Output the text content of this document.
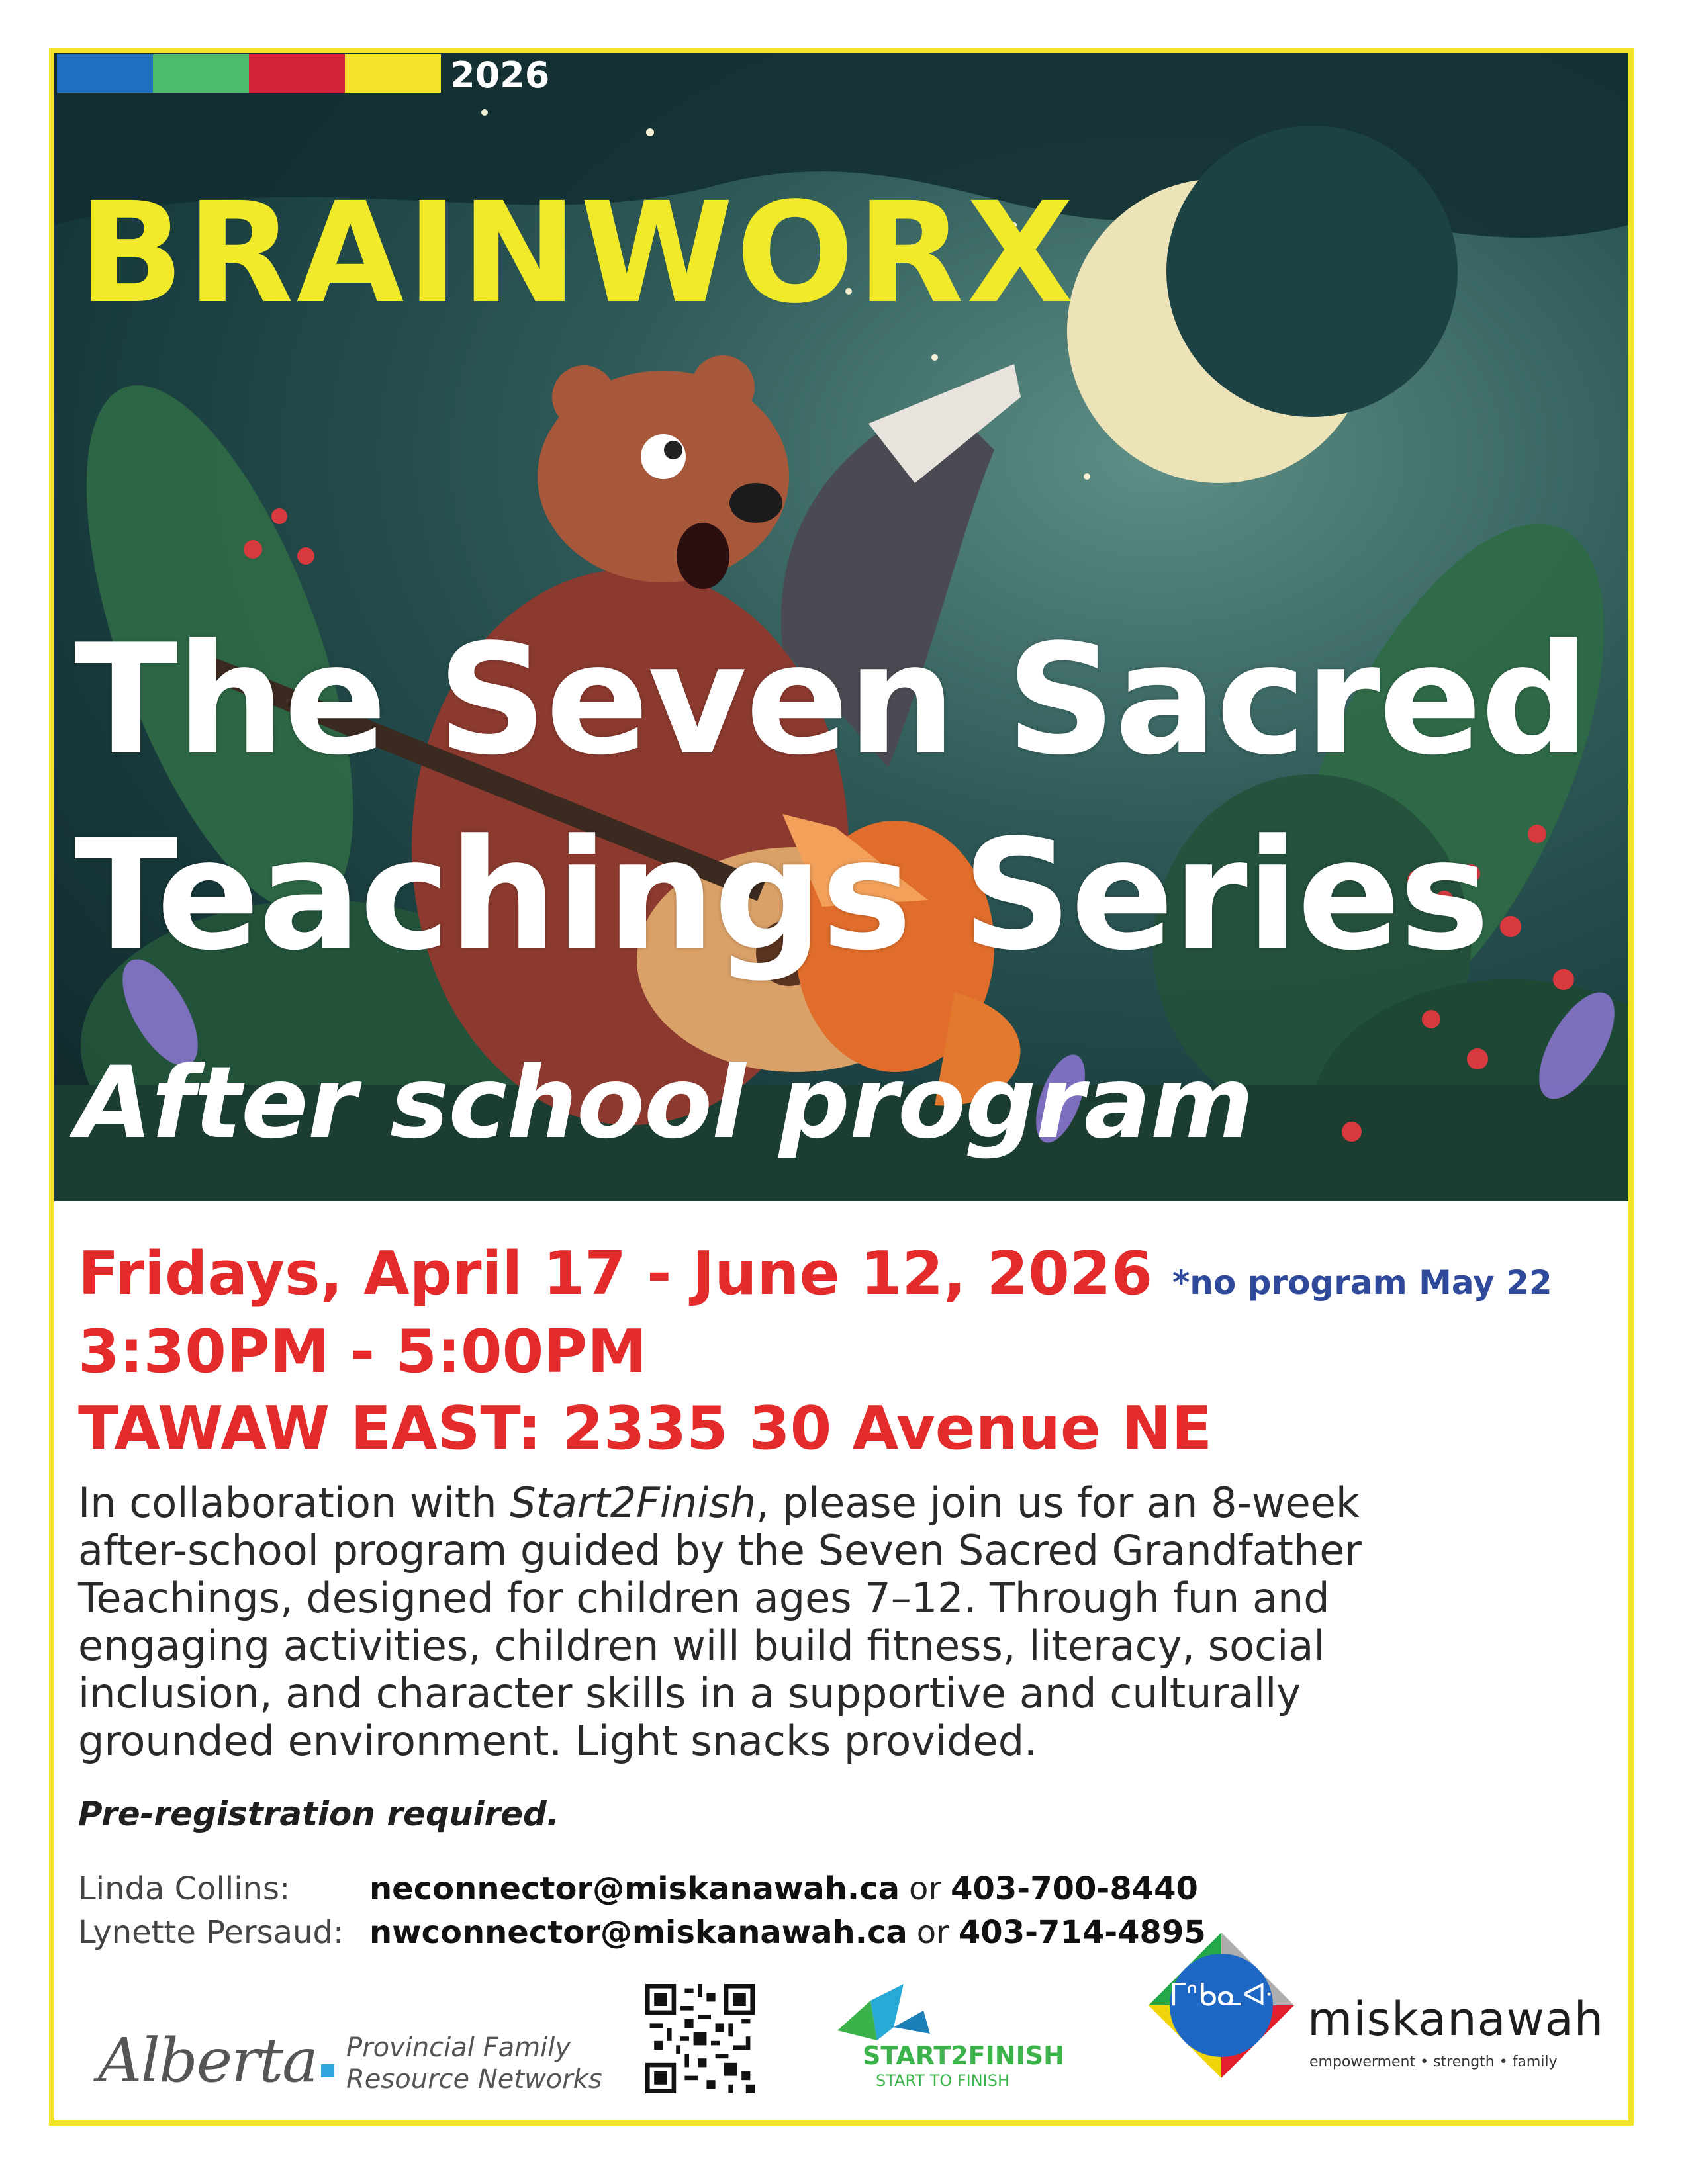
2026
BRAINWORX
The Seven Sacred
Teachings Series
After school program
Fridays, April 17 - June 12, 2026 *no program May 22
3:30PM - 5:00PM
TAWAW EAST: 2335 30 Avenue NE
In collaboration with Start2Finish, please join us for an 8-week after-school program guided by the Seven Sacred Grandfather Teachings, designed for children ages 7–12. Through fun and engaging activities, children will build fitness, literacy, social inclusion, and character skills in a supportive and culturally grounded environment. Light snacks provided.
Pre-registration required.
Linda Collins:	neconnector@miskanawah.ca or 403-700-8440
Lynette Persaud: nwconnector@miskanawah.ca or 403-714-4895
Alberta Provincial Family
Resource Networks
START2FINISH
START TO FINISH
ᒥᐢᑲᓇᐘ miskanawah
empowerment • strength • family
